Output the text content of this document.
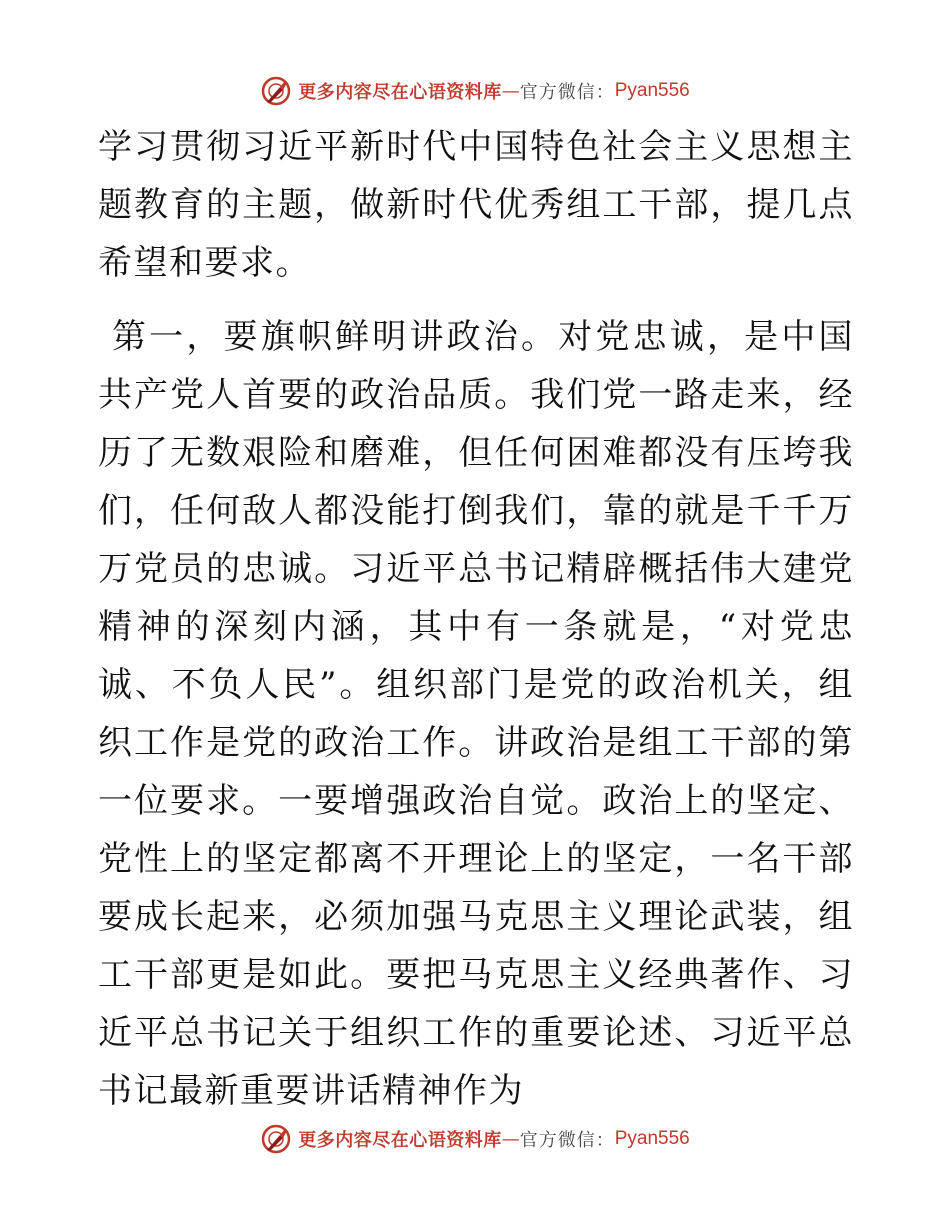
更多内容尽在心语资料库 — 官方微信： Pyan556

学习贯彻习近平新时代中国特色社会主义思想主题教育的主题，做新时代优秀组工干部，提几点希望和要求。

第一，要旗帜鲜明讲政治。对党忠诚，是中国共产党人首要的政治品质。我们党一路走来，经历了无数艰险和磨难，但任何困难都没有压垮我们，任何敌人都没能打倒我们，靠的就是千千万万党员的忠诚。习近平总书记精辟概括伟大建党精神的深刻内涵，其中有一条就是，“对党忠诚、不负人民”。组织部门是党的政治机关，组织工作是党的政治工作。讲政治是组工干部的第一位要求。一要增强政治自觉。政治上的坚定、党性上的坚定都离不开理论上的坚定，一名干部要成长起来，必须加强马克思主义理论武装，组工干部更是如此。要把马克思主义经典著作、习近平总书记关于组织工作的重要论述、习近平总书记最新重要讲话精神作为

更多内容尽在心语资料库 — 官方微信： Pyan556
